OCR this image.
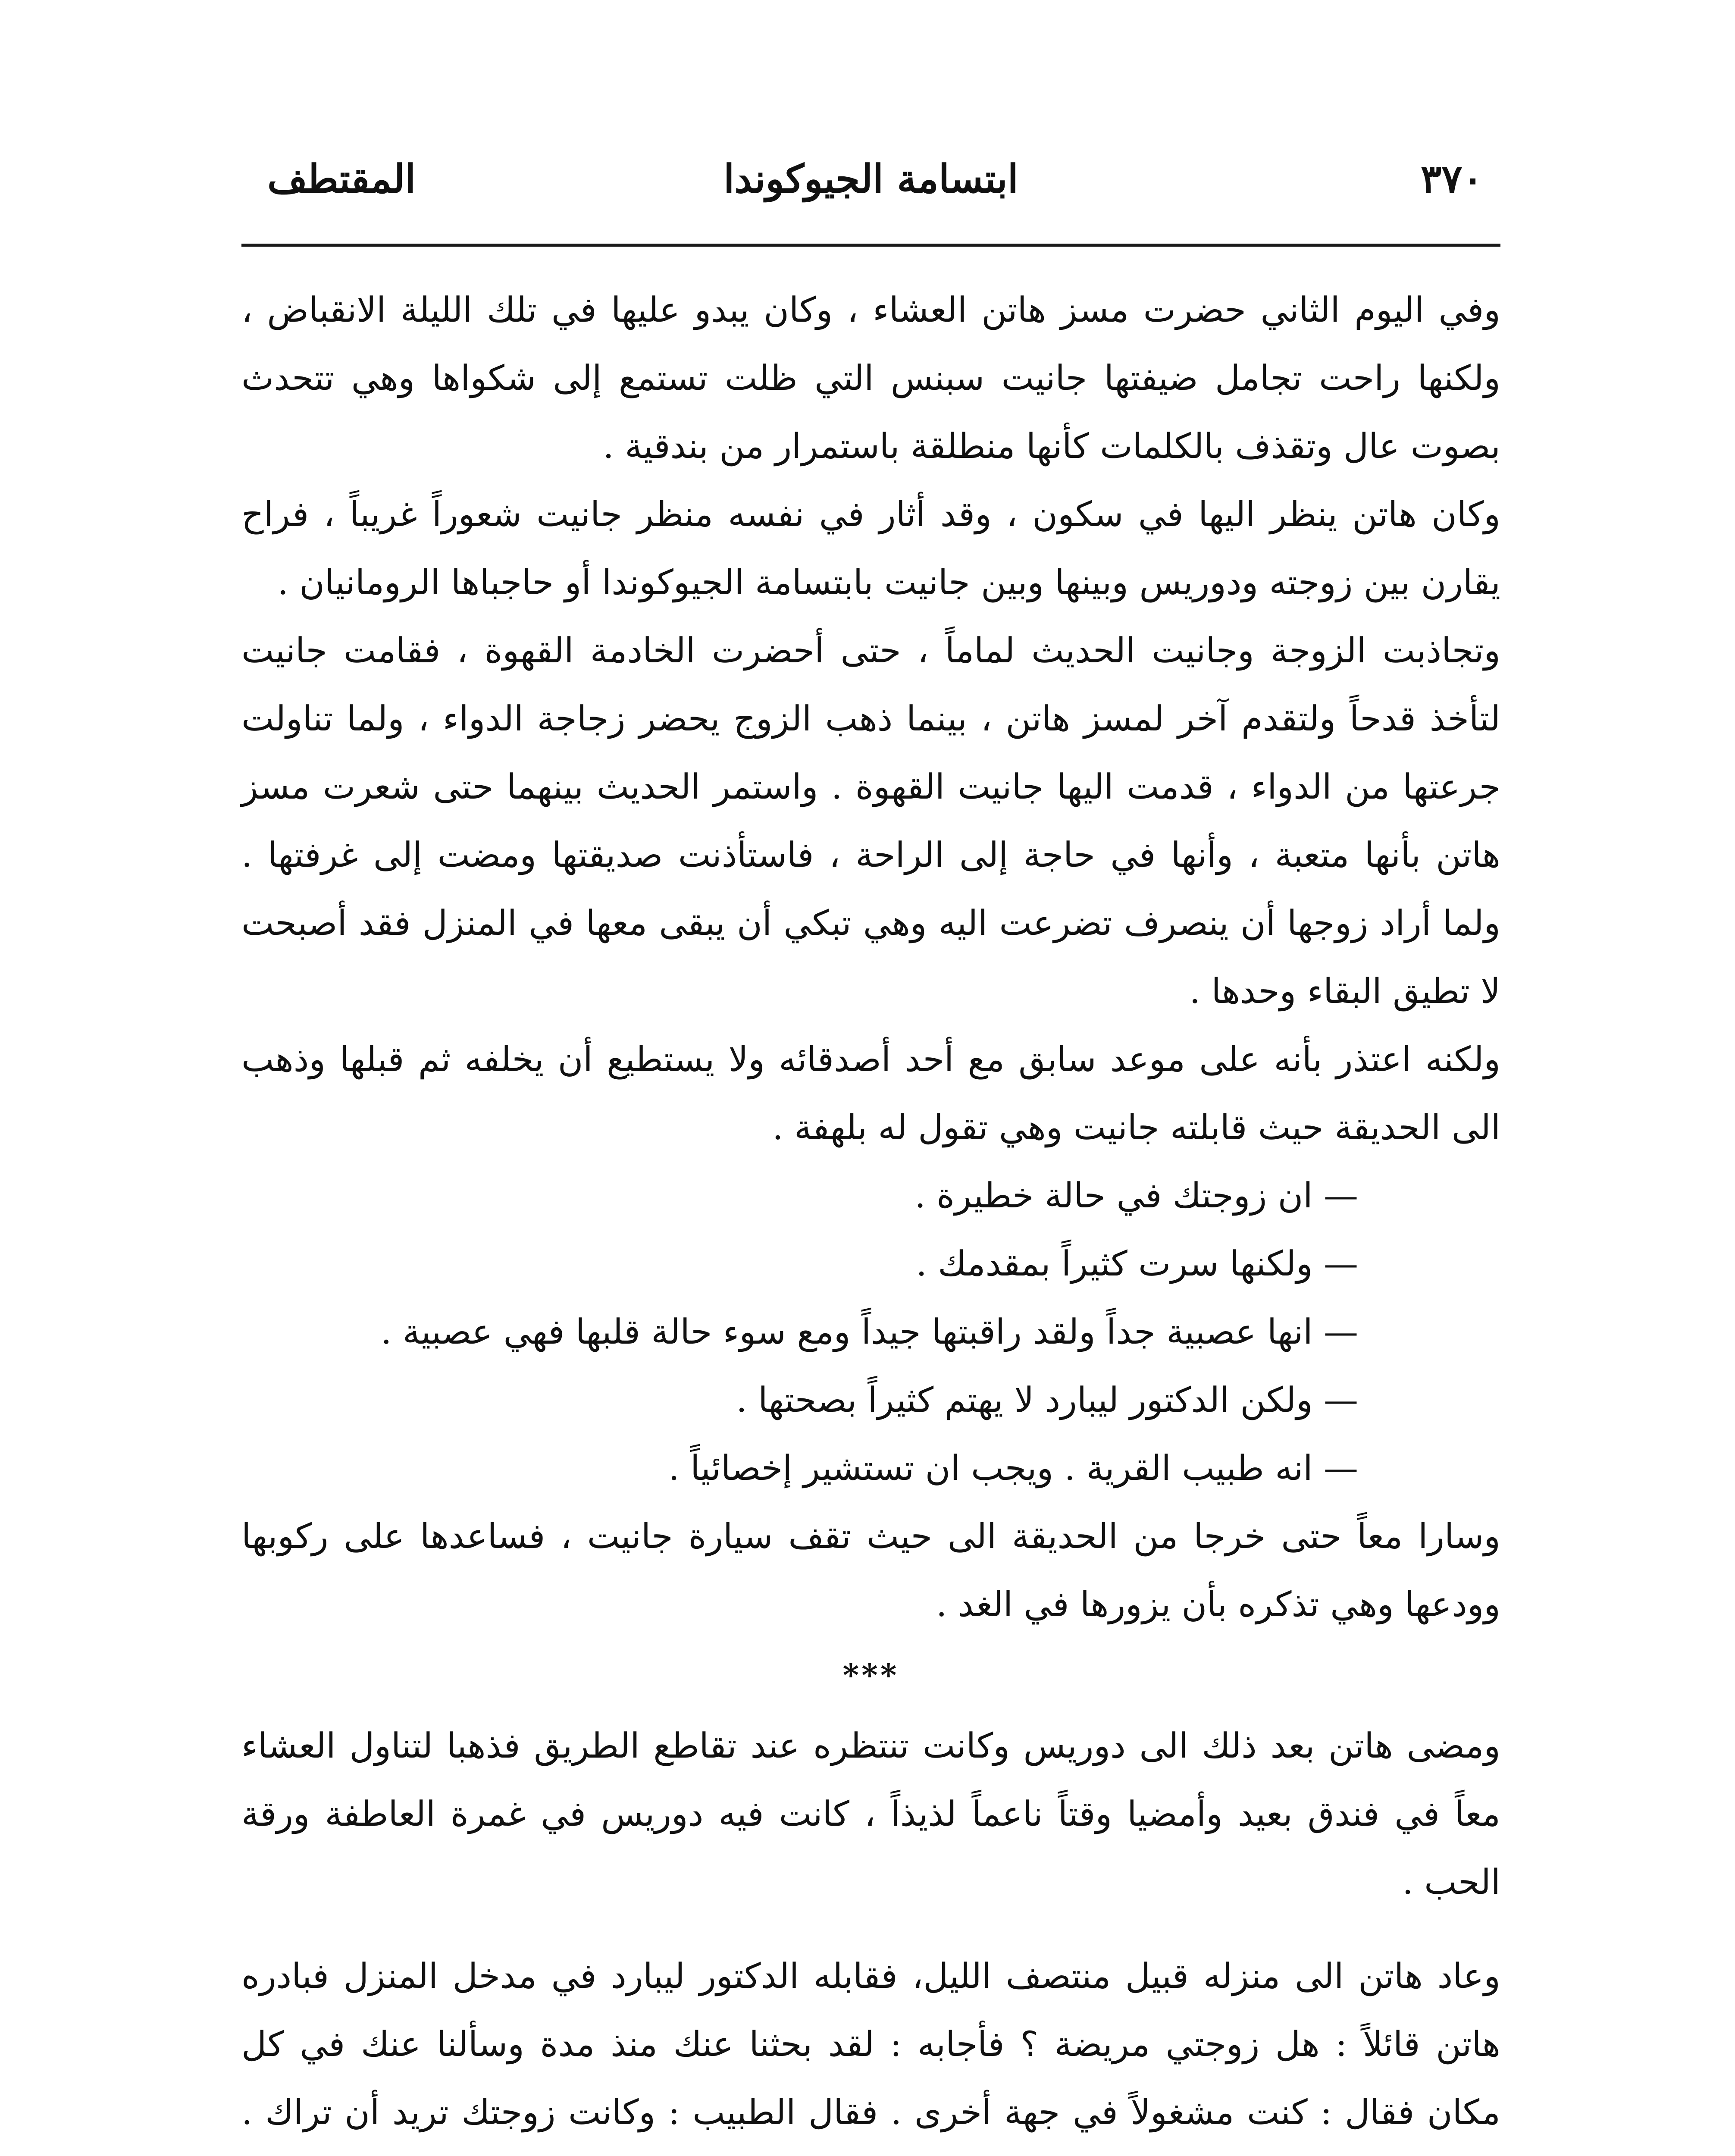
٣٧٠
ابتسامة الجيوكوندا
المقتطف

وفي اليوم الثاني حضرت مسز هاتن العشاء ، وكان يبدو عليها في تلك الليلة الانقباض ، ولكنها راحت تجامل ضيفتها جانيت سبنس التي ظلت تستمع إلى شكواها وهي تتحدث بصوت عال وتقذف بالكلمات كأنها منطلقة باستمرار من بندقية .

وكان هاتن ينظر اليها في سكون ، وقد أثار في نفسه منظر جانيت شعوراً غريباً ، فراح يقارن بين زوجته ودوريس وبينها وبين جانيت بابتسامة الجيوكوندا أو حاجباها الرومانيان .

وتجاذبت الزوجة وجانيت الحديث لماماً ، حتى أحضرت الخادمة القهوة ، فقامت جانيت لتأخذ قدحاً ولتقدم آخر لمسز هاتن ، بينما ذهب الزوج يحضر زجاجة الدواء ، ولما تناولت جرعتها من الدواء ، قدمت اليها جانيت القهوة . واستمر الحديث بينهما حتى شعرت مسز هاتن بأنها متعبة ، وأنها في حاجة إلى الراحة ، فاستأذنت صديقتها ومضت إلى غرفتها . ولما أراد زوجها أن ينصرف تضرعت اليه وهي تبكي أن يبقى معها في المنزل فقد أصبحت لا تطيق البقاء وحدها .

ولكنه اعتذر بأنه على موعد سابق مع أحد أصدقائه ولا يستطيع أن يخلفه ثم قبلها وذهب الى الحديقة حيث قابلته جانيت وهي تقول له بلهفة .

— ان زوجتك في حالة خطيرة .

— ولكنها سرت كثيراً بمقدمك .

— انها عصبية جداً ولقد راقبتها جيداً ومع سوء حالة قلبها فهي عصبية .

— ولكن الدكتور ليبارد لا يهتم كثيراً بصحتها .

— انه طبيب القرية . ويجب ان تستشير إخصائياً .

وسارا معاً حتى خرجا من الحديقة الى حيث تقف سيارة جانيت ، فساعدها على ركوبها وودعها وهي تذكره بأن يزورها في الغد .

***

ومضى هاتن بعد ذلك الى دوريس وكانت تنتظره عند تقاطع الطريق فذهبا لتناول العشاء معاً في فندق بعيد وأمضيا وقتاً ناعماً لذيذاً ، كانت فيه دوريس في غمرة العاطفة ورقة الحب .

وعاد هاتن الى منزله قبيل منتصف الليل، فقابله الدكتور ليبارد في مدخل المنزل فبادره هاتن قائلاً : هل زوجتي مريضة ؟ فأجابه : لقد بحثنا عنك منذ مدة وسألنا عنك في كل مكان فقال : كنت مشغولاً في جهة أخرى . فقال الطبيب : وكانت زوجتك تريد أن تراك .
